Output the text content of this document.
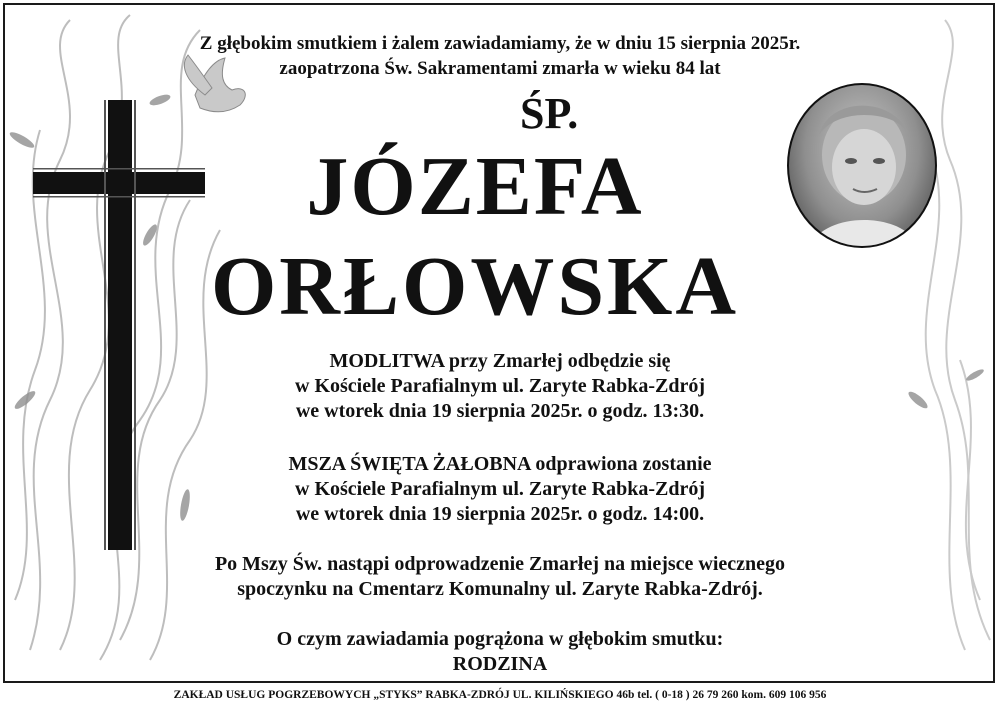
Z głębokim smutkiem i żalem zawiadamiamy, że w dniu 15 sierpnia 2025r.
zaopatrzona Św. Sakramentami zmarła w wieku 84 lat
ŚP.
JÓZEFA
ORŁOWSKA
MODLITWA przy Zmarłej odbędzie się
w Kościele Parafialnym ul. Zaryte Rabka-Zdrój
we wtorek dnia 19 sierpnia 2025r. o godz. 13:30.
MSZA ŚWIĘTA ŻAŁOBNA odprawiona zostanie
w Kościele Parafialnym ul. Zaryte Rabka-Zdrój
we wtorek dnia 19 sierpnia 2025r. o godz. 14:00.
Po Mszy Św. nastąpi odprowadzenie Zmarłej na miejsce wiecznego
spoczynku na Cmentarz Komunalny ul. Zaryte Rabka-Zdrój.
O czym zawiadamia pogrążona w głębokim smutku:
RODZINA
ZAKŁAD USŁUG POGRZEBOWYCH „STYKS” RABKA-ZDRÓJ UL. KILIŃSKIEGO 46b tel. ( 0-18 ) 26 79 260 kom. 609 106 956
